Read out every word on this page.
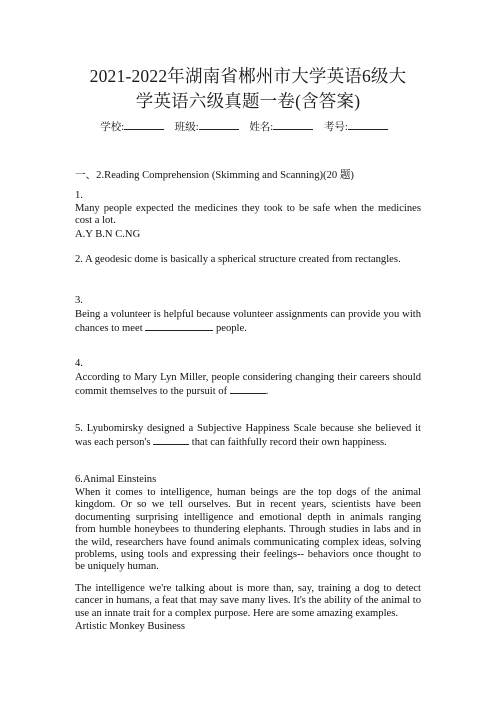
2021-2022年湖南省郴州市大学英语6级大
学英语六级真题一卷(含答案)
学校:	班级:	姓名:	考号:
一、2.Reading Comprehension (Skimming and Scanning)(20 题)
1.
Many people expected the medicines they took to be safe when the medicines cost a lot.
A.Y B.N C.NG
2. A geodesic dome is basically a spherical structure created from rectangles.
3.
Being a volunteer is helpful because volunteer assignments can provide you with chances to meet	people.
4.
According to Mary Lyn Miller, people considering changing their careers should commit themselves to the pursuit of	.
5. Lyubomirsky designed a Subjective Happiness Scale because she believed it was each person's	that can faithfully record their own happiness.
6.Animal Einsteins
When it comes to intelligence, human beings are the top dogs of the animal kingdom. Or so we tell ourselves. But in recent years, scientists have been documenting surprising intelligence and emotional depth in animals ranging from humble honeybees to thundering elephants. Through studies in labs and in the wild, researchers have found animals communicating complex ideas, solving problems, using tools and expressing their feelings-- behaviors once thought to be uniquely human.
The intelligence we're talking about is more than, say, training a dog to detect cancer in humans, a feat that may save many lives. It's the ability of the animal to use an innate trait for a complex purpose. Here are some amazing examples.
Artistic Monkey Business
